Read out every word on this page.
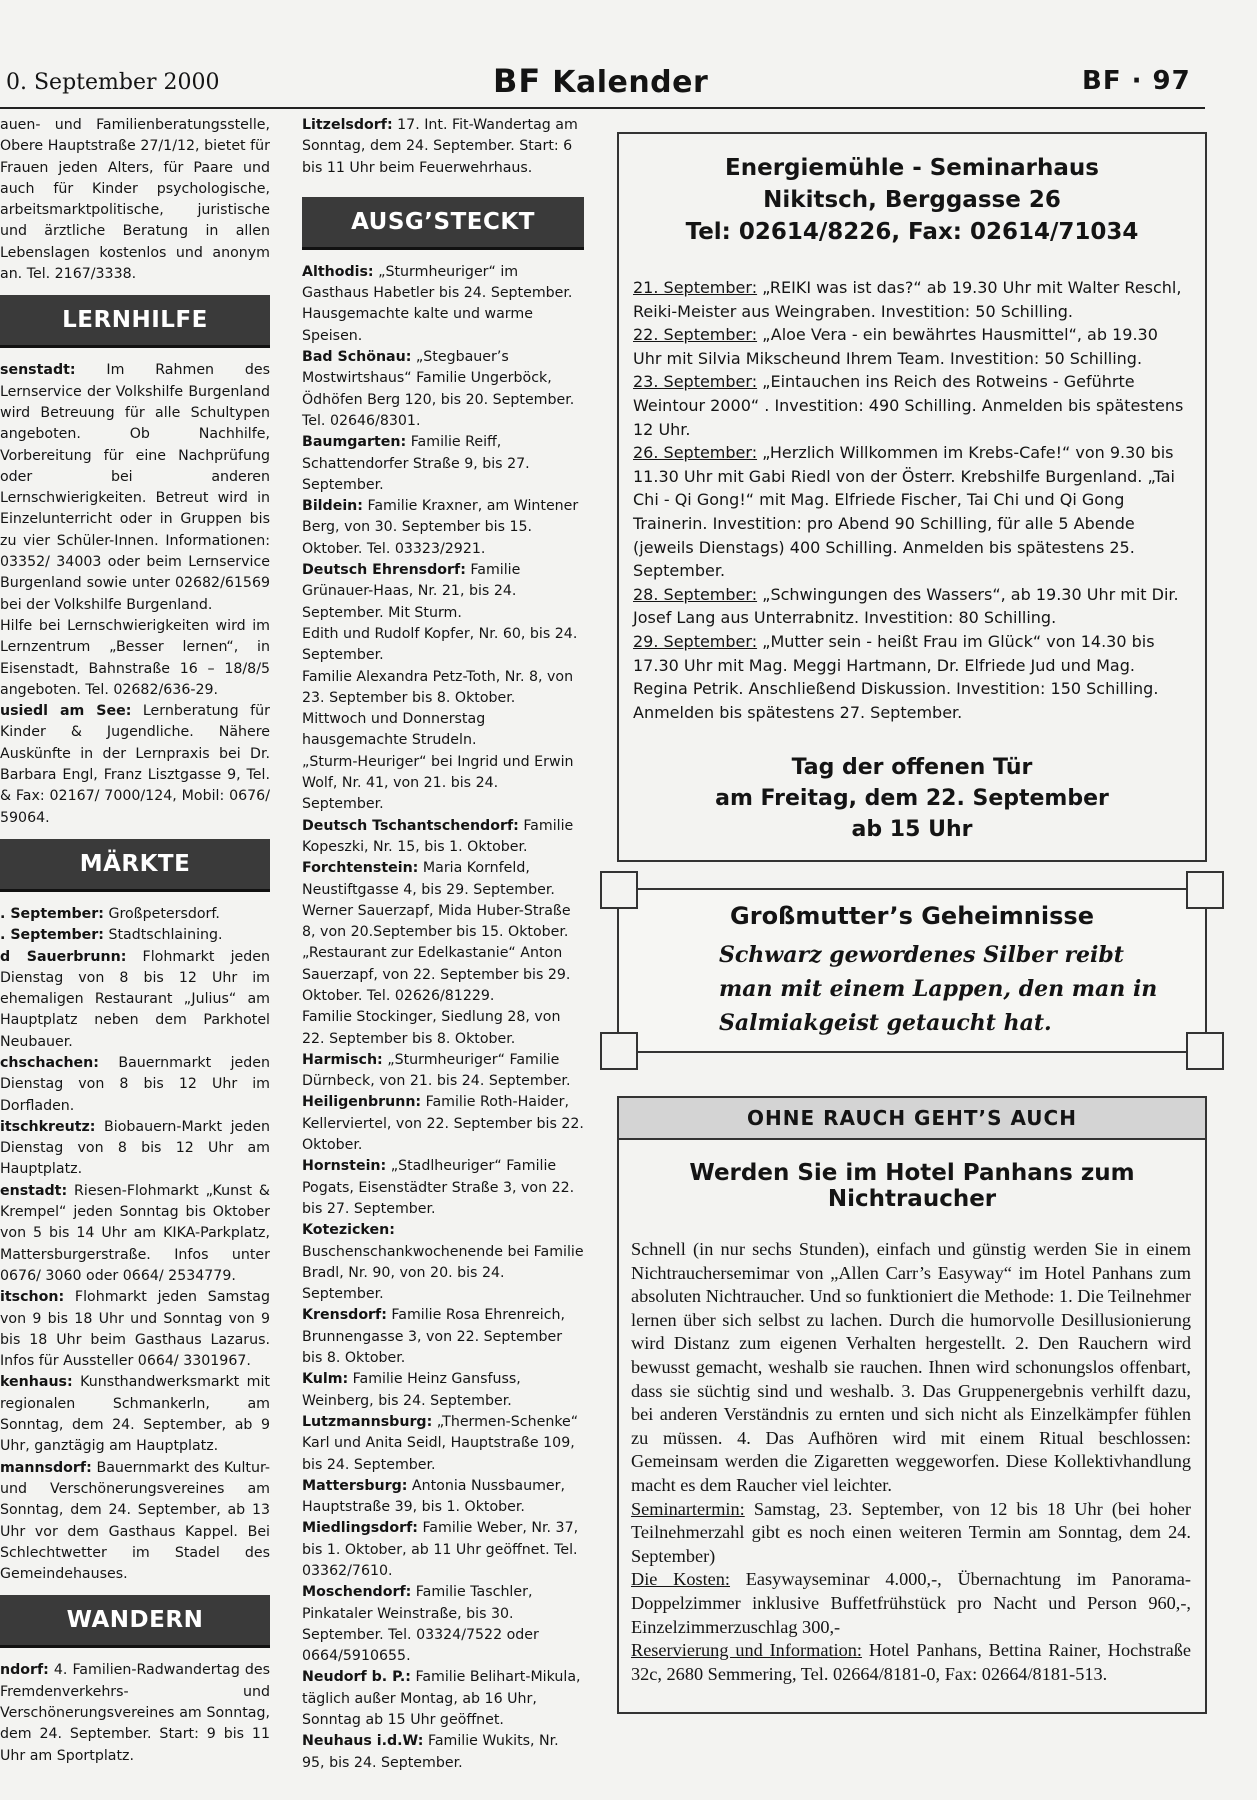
0. September 2000	BF Kalender	BF · 97

auen- und Familienberatungsstelle, Obere Hauptstraße 27/1/12, bietet für Frauen jeden Alters, für Paare und auch für Kinder psychologische, arbeitsmarktpolitische, juristische und ärztliche Beratung in allen Lebenslagen kostenlos und anonym an. Tel. 2167/3338.

LERNHILFE

senstadt: Im Rahmen des Lernservice der Volkshilfe Burgenland wird Betreuung für alle Schultypen angeboten. Ob Nachhilfe, Vorbereitung für eine Nachprüfung oder bei anderen Lernschwierigkeiten. Betreut wird in Einzelunterricht oder in Gruppen bis zu vier Schüler-Innen. Informationen: 03352/ 34003 oder beim Lernservice Burgenland sowie unter 02682/61569 bei der Volkshilfe Burgenland.

Hilfe bei Lernschwierigkeiten wird im Lernzentrum „Besser lernen“, in Eisenstadt, Bahnstraße 16 – 18/8/5 angeboten. Tel. 02682/636-29.

usiedl am See: Lernberatung für Kinder & Jugendliche. Nähere Auskünfte in der Lernpraxis bei Dr. Barbara Engl, Franz Lisztgasse 9, Tel. & Fax: 02167/ 7000/124, Mobil: 0676/ 59064.

MÄRKTE

. September: Großpetersdorf.

. September: Stadtschlaining.

d Sauerbrunn: Flohmarkt jeden Dienstag von 8 bis 12 Uhr im ehemaligen Restaurant „Julius“ am Hauptplatz neben dem Parkhotel Neubauer.

chschachen: Bauernmarkt jeden Dienstag von 8 bis 12 Uhr im Dorfladen.

itschkreutz: Biobauern-Markt jeden Dienstag von 8 bis 12 Uhr am Hauptplatz.

enstadt: Riesen-Flohmarkt „Kunst & Krempel“ jeden Sonntag bis Oktober von 5 bis 14 Uhr am KIKA-Parkplatz, Mattersburgerstraße. Infos unter 0676/ 3060 oder 0664/ 2534779.

itschon: Flohmarkt jeden Samstag von 9 bis 18 Uhr und Sonntag von 9 bis 18 Uhr beim Gasthaus Lazarus. Infos für Aussteller 0664/ 3301967.

kenhaus: Kunsthandwerksmarkt mit regionalen Schmankerln, am Sonntag, dem 24. September, ab 9 Uhr, ganztägig am Hauptplatz.

mannsdorf: Bauernmarkt des Kultur- und Verschönerungsvereines am Sonntag, dem 24. September, ab 13 Uhr vor dem Gasthaus Kappel. Bei Schlechtwetter im Stadel des Gemeindehauses.

WANDERN

ndorf: 4. Familien-Radwandertag des Fremdenverkehrs- und Verschönerungsvereines am Sonntag, dem 24. September. Start: 9 bis 11 Uhr am Sportplatz.

Litzelsdorf: 17. Int. Fit-Wandertag am Sonntag, dem 24. September. Start: 6 bis 11 Uhr beim Feuerwehrhaus.

AUSG’STECKT

Althodis: „Sturmheuriger“ im Gasthaus Habetler bis 24. September. Hausgemachte kalte und warme Speisen.

Bad Schönau: „Stegbauer’s Mostwirtshaus“ Familie Ungerböck, Ödhöfen Berg 120, bis 20. September. Tel. 02646/8301.

Baumgarten: Familie Reiff, Schattendorfer Straße 9, bis 27. September.

Bildein: Familie Kraxner, am Wintener Berg, von 30. September bis 15. Oktober. Tel. 03323/2921.

Deutsch Ehrensdorf: Familie Grünauer-Haas, Nr. 21, bis 24. September. Mit Sturm.

Edith und Rudolf Kopfer, Nr. 60, bis 24. September.

Familie Alexandra Petz-Toth, Nr. 8, von 23. September bis 8. Oktober. Mittwoch und Donnerstag hausgemachte Strudeln.

„Sturm-Heuriger“ bei Ingrid und Erwin Wolf, Nr. 41, von 21. bis 24. September.

Deutsch Tschantschendorf: Familie Kopeszki, Nr. 15, bis 1. Oktober.

Forchtenstein: Maria Kornfeld, Neustiftgasse 4, bis 29. September.

Werner Sauerzapf, Mida Huber-Straße 8, von 20.September bis 15. Oktober.

„Restaurant zur Edelkastanie“ Anton Sauerzapf, von 22. September bis 29. Oktober. Tel. 02626/81229.

Familie Stockinger, Siedlung 28, von 22. September bis 8. Oktober.

Harmisch: „Sturmheuriger“ Familie Dürnbeck, von 21. bis 24. September.

Heiligenbrunn: Familie Roth-Haider, Kellerviertel, von 22. September bis 22. Oktober.

Hornstein: „Stadlheuriger“ Familie Pogats, Eisenstädter Straße 3, von 22. bis 27. September.

Kotezicken: Buschenschankwochenende bei Familie Bradl, Nr. 90, von 20. bis 24. September.

Krensdorf: Familie Rosa Ehrenreich, Brunnengasse 3, von 22. September bis 8. Oktober.

Kulm: Familie Heinz Gansfuss, Weinberg, bis 24. September.

Lutzmannsburg: „Thermen-Schenke“ Karl und Anita Seidl, Hauptstraße 109, bis 24. September.

Mattersburg: Antonia Nussbaumer, Hauptstraße 39, bis 1. Oktober.

Miedlingsdorf: Familie Weber, Nr. 37, bis 1. Oktober, ab 11 Uhr geöffnet. Tel. 03362/7610.

Moschendorf: Familie Taschler, Pinkataler Weinstraße, bis 30. September. Tel. 03324/7522 oder 0664/5910655.

Neudorf b. P.: Familie Belihart-Mikula, täglich außer Montag, ab 16 Uhr, Sonntag ab 15 Uhr geöffnet.

Neuhaus i.d.W: Familie Wukits, Nr. 95, bis 24. September.

Energiemühle - Seminarhaus
Nikitsch, Berggasse 26
Tel: 02614/8226, Fax: 02614/71034

21. September: „REIKI was ist das?“ ab 19.30 Uhr mit Walter Reschl, Reiki-Meister aus Weingraben. Investition: 50 Schilling.

22. September: „Aloe Vera - ein bewährtes Hausmittel“, ab 19.30 Uhr mit Silvia Mikscheund Ihrem Team. Investition: 50 Schilling.

23. September: „Eintauchen ins Reich des Rotweins - Geführte Weintour 2000“ . Investition: 490 Schilling. Anmelden bis spätestens 12 Uhr.

26. September: „Herzlich Willkommen im Krebs-Cafe!“ von 9.30 bis 11.30 Uhr mit Gabi Riedl von der Österr. Krebshilfe Burgenland. „Tai Chi - Qi Gong!“ mit Mag. Elfriede Fischer, Tai Chi und Qi Gong Trainerin. Investition: pro Abend 90 Schilling, für alle 5 Abende (jeweils Dienstags) 400 Schilling. Anmelden bis spätestens 25. September.

28. September: „Schwingungen des Wassers“, ab 19.30 Uhr mit Dir. Josef Lang aus Unterrabnitz. Investition: 80 Schilling.

29. September: „Mutter sein - heißt Frau im Glück“ von 14.30 bis 17.30 Uhr mit Mag. Meggi Hartmann, Dr. Elfriede Jud und Mag. Regina Petrik. Anschließend Diskussion. Investition: 150 Schilling. Anmelden bis spätestens 27. September.

Tag der offenen Tür
am Freitag, dem 22. September
ab 15 Uhr
Großmutter’s Geheimnisse
Schwarz gewordenes Silber reibt man mit einem Lappen, den man in Salmiakgeist getaucht hat.
OHNE RAUCH GEHT’S AUCH
Werden Sie im Hotel Panhans zum Nichtraucher

Schnell (in nur sechs Stunden), einfach und günstig werden Sie in einem Nichtrauchersemimar von „Allen Carr’s Easyway“ im Hotel Panhans zum absoluten Nichtraucher. Und so funktioniert die Methode: 1. Die Teilnehmer lernen über sich selbst zu lachen. Durch die humorvolle Desillusionierung wird Distanz zum eigenen Verhalten hergestellt. 2. Den Rauchern wird bewusst gemacht, weshalb sie rauchen. Ihnen wird schonungslos offenbart, dass sie süchtig sind und weshalb. 3. Das Gruppenergebnis verhilft dazu, bei anderen Verständnis zu ernten und sich nicht als Einzelkämpfer fühlen zu müssen. 4. Das Aufhören wird mit einem Ritual beschlossen: Gemeinsam werden die Zigaretten weggeworfen. Diese Kollektivhandlung macht es dem Raucher viel leichter.

Seminartermin: Samstag, 23. September, von 12 bis 18 Uhr (bei hoher Teilnehmerzahl gibt es noch einen weiteren Termin am Sonntag, dem 24. September)

Die Kosten: Easywayseminar 4.000,-, Übernachtung im Panorama-Doppelzimmer inklusive Buffetfrühstück pro Nacht und Person 960,-, Einzelzimmerzuschlag 300,-

Reservierung und Information: Hotel Panhans, Bettina Rainer, Hochstraße 32c, 2680 Semmering, Tel. 02664/8181-0, Fax: 02664/8181-513.
